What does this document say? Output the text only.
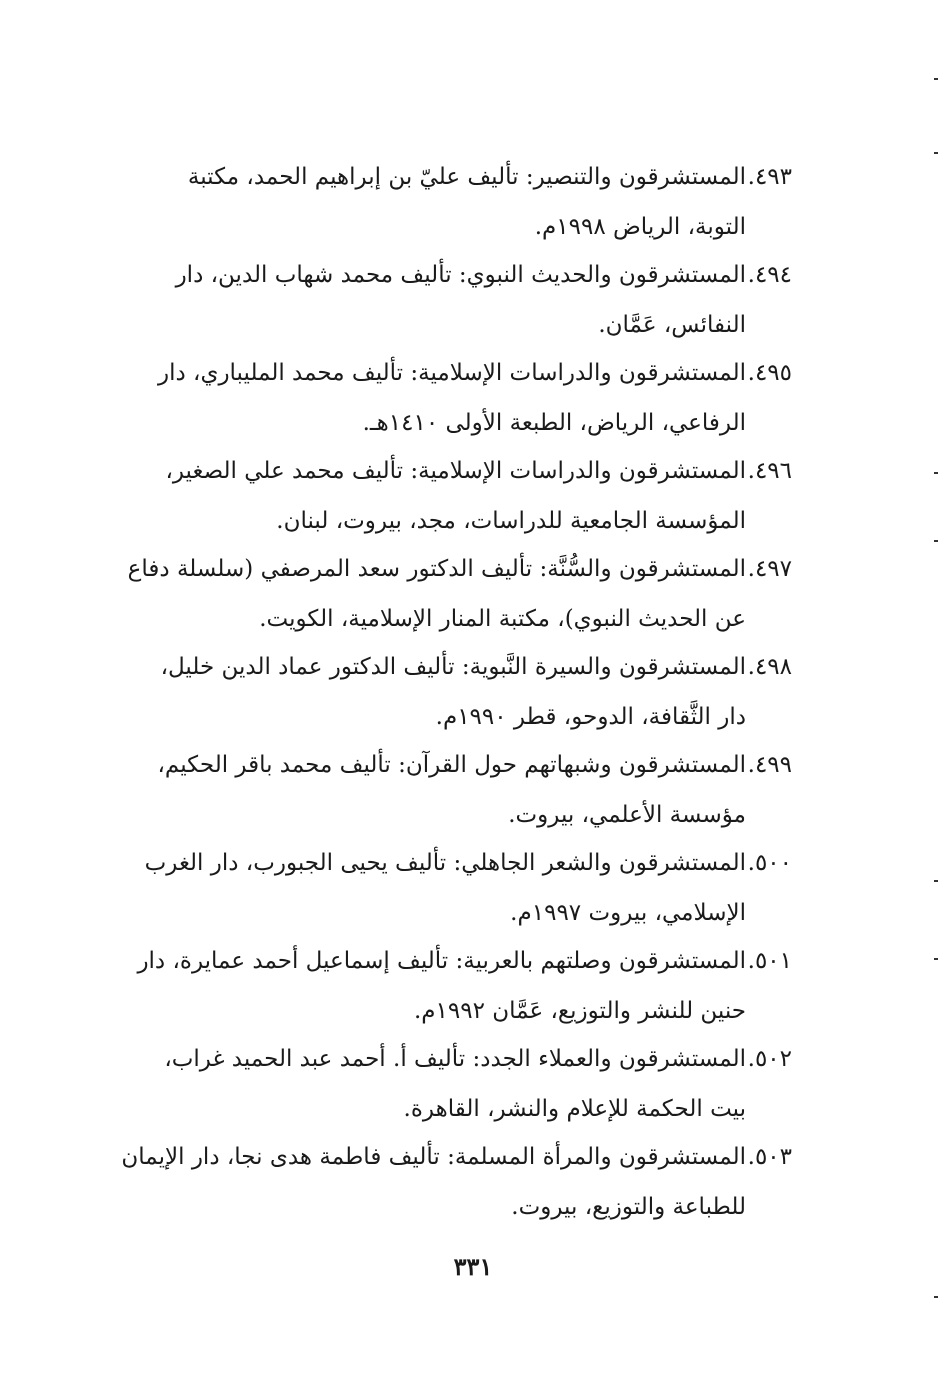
٤٩٣.المستشرقون والتنصير: تأليف عليّ بن إبراهيم الحمد، مكتبة
التوبة، الرياض ١٩٩٨م.

٤٩٤.المستشرقون والحديث النبوي: تأليف محمد شهاب الدين، دار
النفائس، عَمَّان.

٤٩٥.المستشرقون والدراسات الإسلامية: تأليف محمد المليباري، دار
الرفاعي، الرياض، الطبعة الأولى ١٤١٠هـ.

٤٩٦.المستشرقون والدراسات الإسلامية: تأليف محمد علي الصغير،
المؤسسة الجامعية للدراسات، مجد، بيروت، لبنان.

٤٩٧.المستشرقون والسُّنَّة: تأليف الدكتور سعد المرصفي (سلسلة دفاع
عن الحديث النبوي)، مكتبة المنار الإسلامية، الكويت.

٤٩٨.المستشرقون والسيرة النَّبوية: تأليف الدكتور عماد الدين خليل،
دار الثَّقافة، الدوحو، قطر ١٩٩٠م.

٤٩٩.المستشرقون وشبهاتهم حول القرآن: تأليف محمد باقر الحكيم،
مؤسسة الأعلمي، بيروت.

٥٠٠.المستشرقون والشعر الجاهلي: تأليف يحيى الجبورب، دار الغرب
الإسلامي، بيروت ١٩٩٧م.

٥٠١.المستشرقون وصلتهم بالعربية: تأليف إسماعيل أحمد عمايرة، دار
حنين للنشر والتوزيع، عَمَّان ١٩٩٢م.

٥٠٢.المستشرقون والعملاء الجدد: تأليف أ. أحمد عبد الحميد غراب،
بيت الحكمة للإعلام والنشر، القاهرة.

٥٠٣.المستشرقون والمرأة المسلمة: تأليف فاطمة هدى نجا، دار الإيمان
للطباعة والتوزيع، بيروت.

٣٣١
